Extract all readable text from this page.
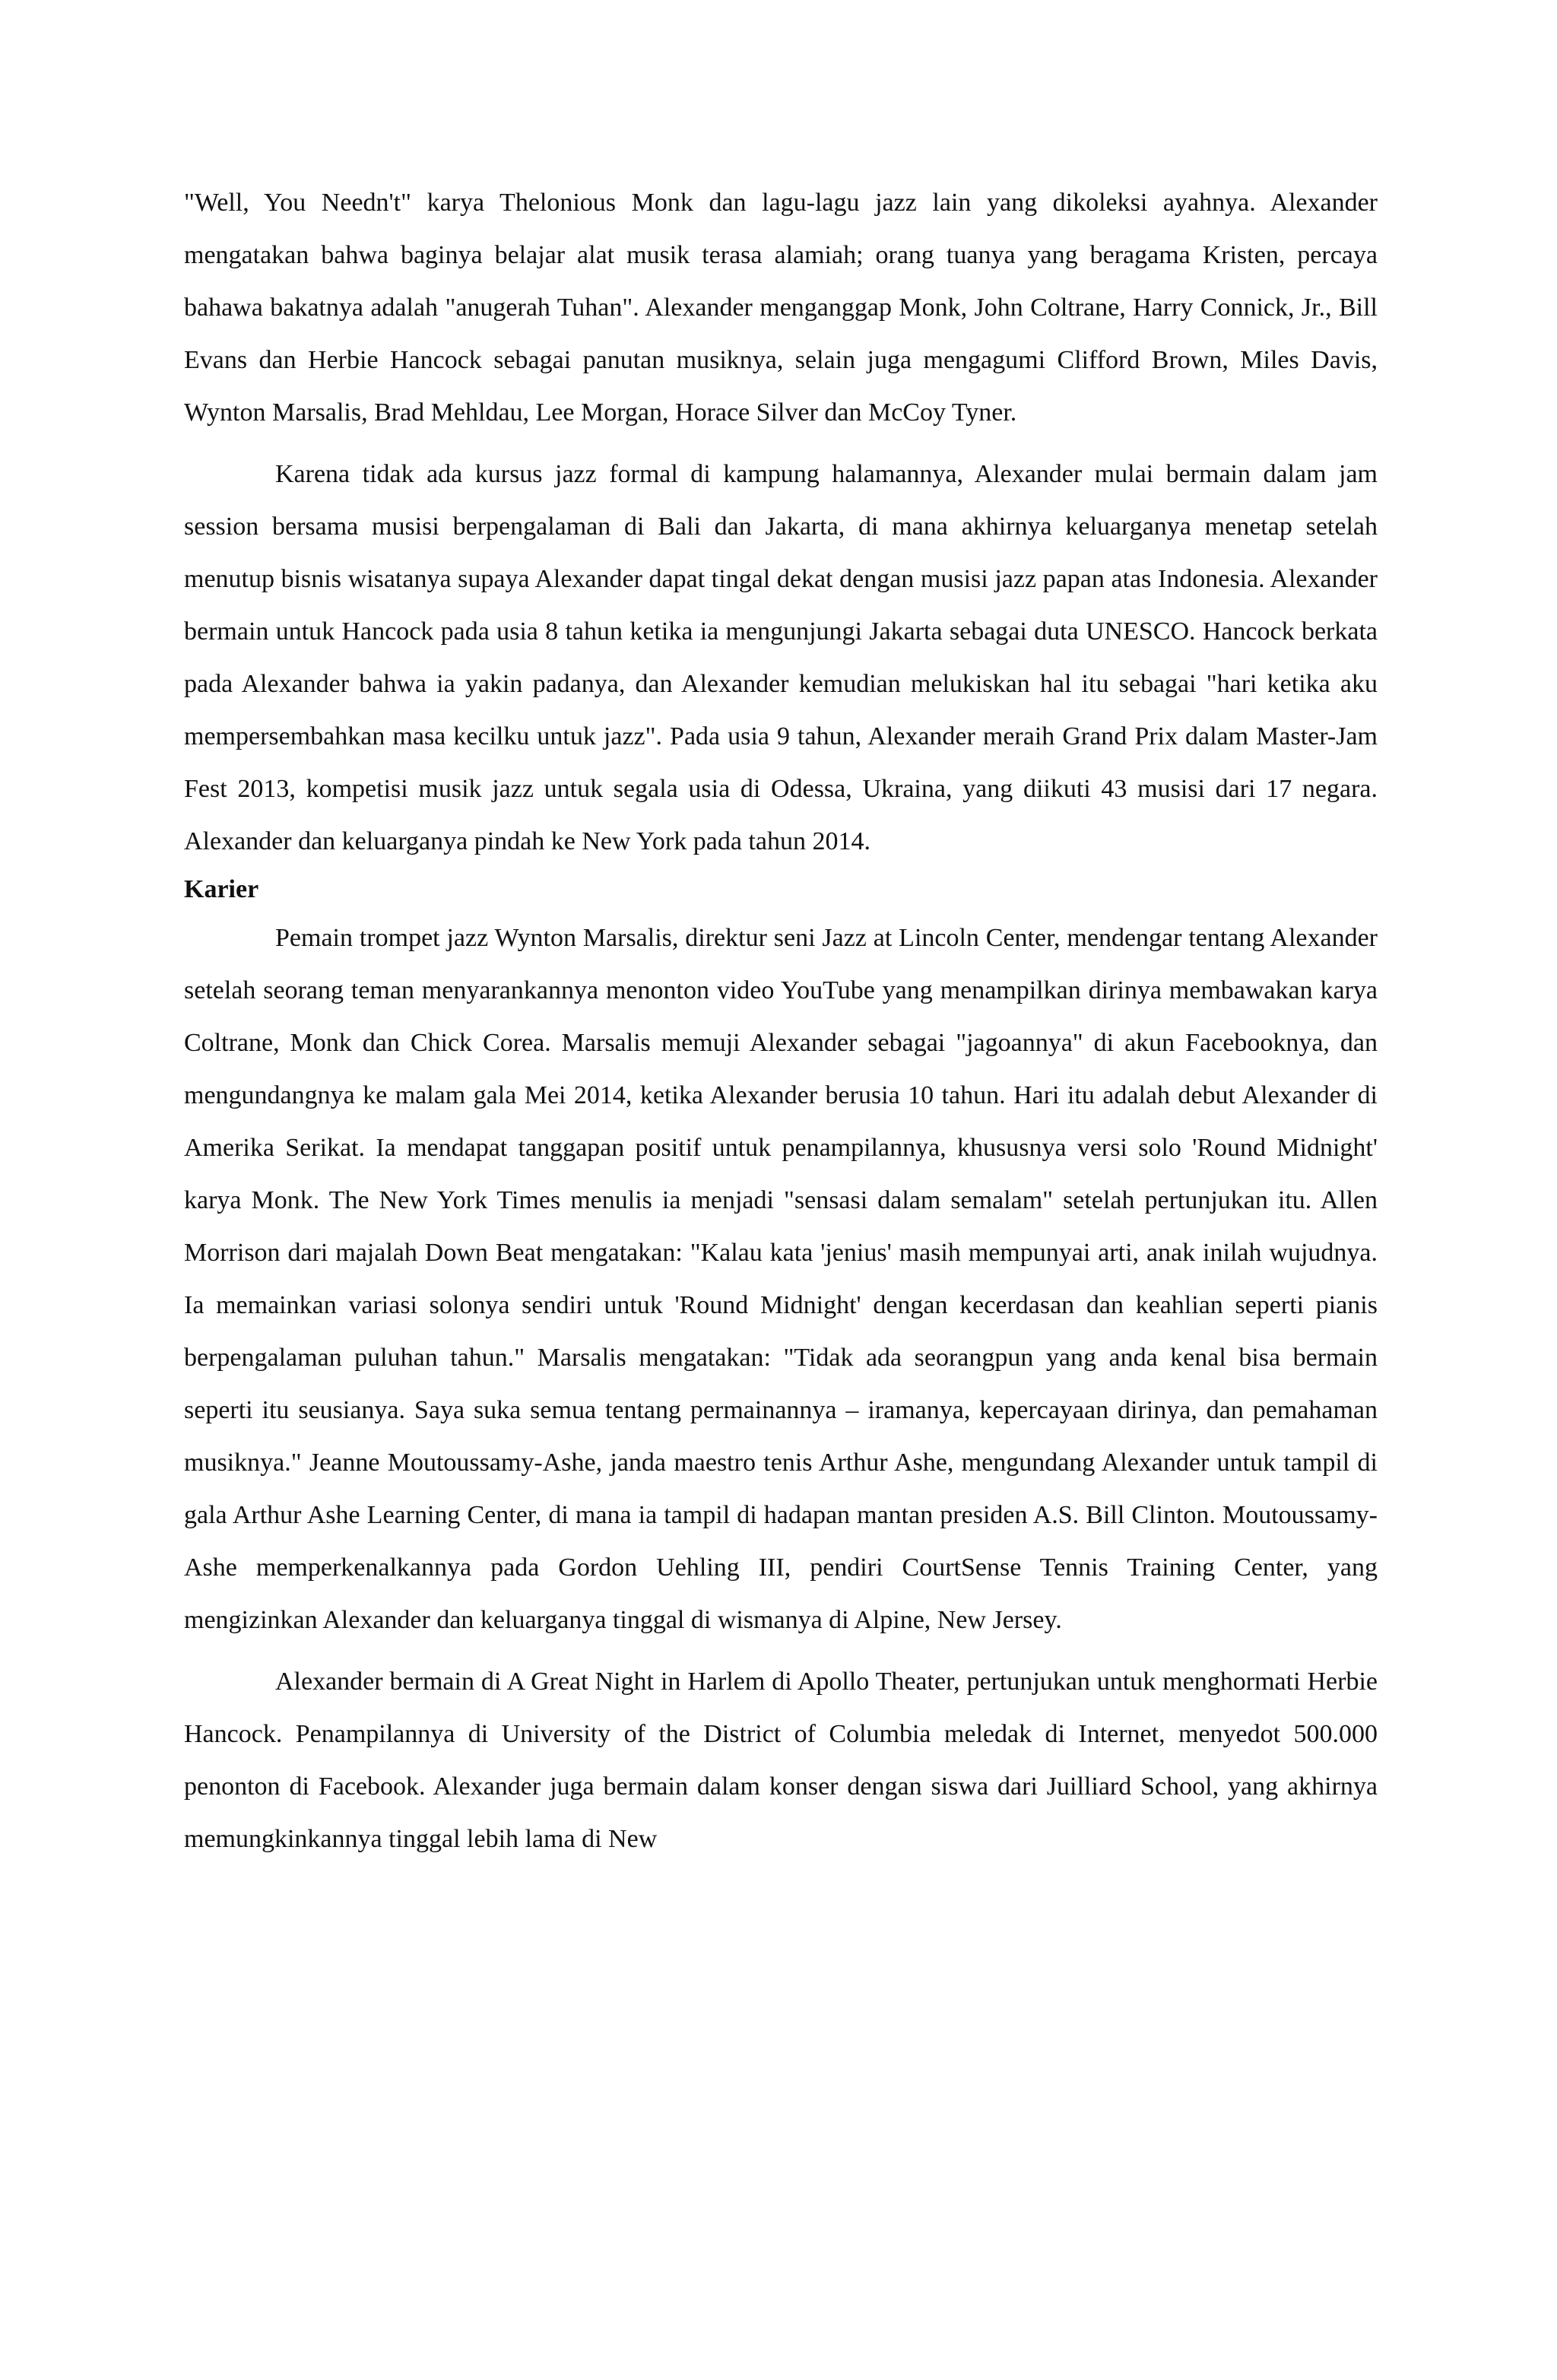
"Well, You Needn't" karya Thelonious Monk dan lagu-lagu jazz lain yang dikoleksi ayahnya. Alexander mengatakan bahwa baginya belajar alat musik terasa alamiah; orang tuanya yang beragama Kristen, percaya bahawa bakatnya adalah "anugerah Tuhan". Alexander menganggap Monk, John Coltrane, Harry Connick, Jr., Bill Evans dan Herbie Hancock sebagai panutan musiknya, selain juga mengagumi Clifford Brown, Miles Davis, Wynton Marsalis, Brad Mehldau, Lee Morgan, Horace Silver dan McCoy Tyner.

Karena tidak ada kursus jazz formal di kampung halamannya, Alexander mulai bermain dalam jam session bersama musisi berpengalaman di Bali dan Jakarta, di mana akhirnya keluarganya menetap setelah menutup bisnis wisatanya supaya Alexander dapat tingal dekat dengan musisi jazz papan atas Indonesia. Alexander bermain untuk Hancock pada usia 8 tahun ketika ia mengunjungi Jakarta sebagai duta UNESCO. Hancock berkata pada Alexander bahwa ia yakin padanya, dan Alexander kemudian melukiskan hal itu sebagai "hari ketika aku mempersembahkan masa kecilku untuk jazz". Pada usia 9 tahun, Alexander meraih Grand Prix dalam Master-Jam Fest 2013, kompetisi musik jazz untuk segala usia di Odessa, Ukraina, yang diikuti 43 musisi dari 17 negara. Alexander dan keluarganya pindah ke New York pada tahun 2014.

Karier

Pemain trompet jazz Wynton Marsalis, direktur seni Jazz at Lincoln Center, mendengar tentang Alexander setelah seorang teman menyarankannya menonton video YouTube yang menampilkan dirinya membawakan karya Coltrane, Monk dan Chick Corea. Marsalis memuji Alexander sebagai "jagoannya" di akun Facebooknya, dan mengundangnya ke malam gala Mei 2014, ketika Alexander berusia 10 tahun. Hari itu adalah debut Alexander di Amerika Serikat. Ia mendapat tanggapan positif untuk penampilannya, khususnya versi solo 'Round Midnight' karya Monk. The New York Times menulis ia menjadi "sensasi dalam semalam" setelah pertunjukan itu. Allen Morrison dari majalah Down Beat mengatakan: "Kalau kata 'jenius' masih mempunyai arti, anak inilah wujudnya. Ia memainkan variasi solonya sendiri untuk 'Round Midnight' dengan kecerdasan dan keahlian seperti pianis berpengalaman puluhan tahun." Marsalis mengatakan: "Tidak ada seorangpun yang anda kenal bisa bermain seperti itu seusianya. Saya suka semua tentang permainannya – iramanya, kepercayaan dirinya, dan pemahaman musiknya." Jeanne Moutoussamy-Ashe, janda maestro tenis Arthur Ashe, mengundang Alexander untuk tampil di gala Arthur Ashe Learning Center, di mana ia tampil di hadapan mantan presiden A.S. Bill Clinton. Moutoussamy-Ashe memperkenalkannya pada Gordon Uehling III, pendiri CourtSense Tennis Training Center, yang mengizinkan Alexander dan keluarganya tinggal di wismanya di Alpine, New Jersey.

Alexander bermain di A Great Night in Harlem di Apollo Theater, pertunjukan untuk menghormati Herbie Hancock. Penampilannya di University of the District of Columbia meledak di Internet, menyedot 500.000 penonton di Facebook. Alexander juga bermain dalam konser dengan siswa dari Juilliard School, yang akhirnya memungkinkannya tinggal lebih lama di New
